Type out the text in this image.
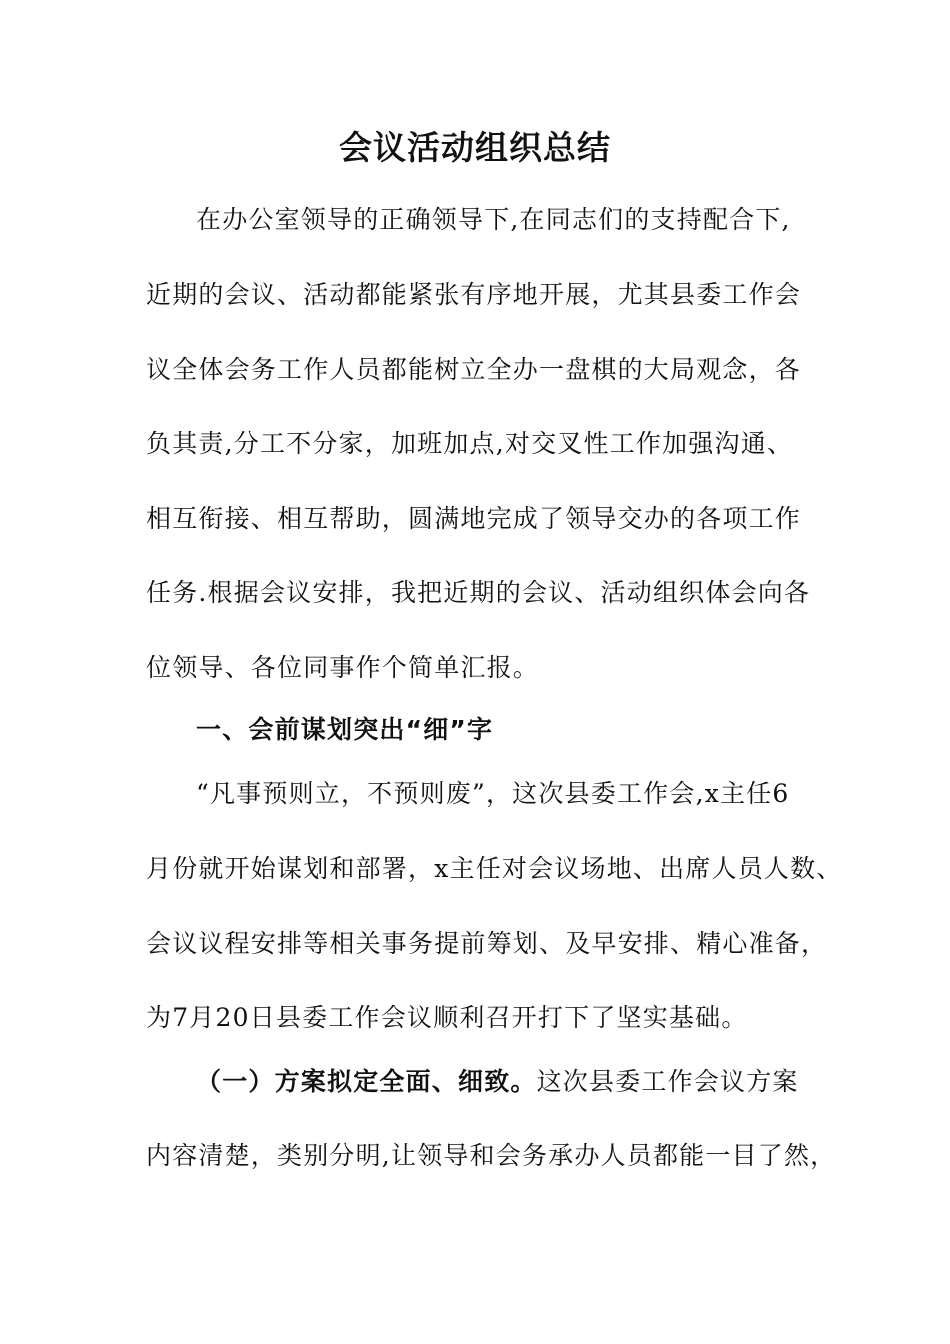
会议活动组织总结
在办公室领导的正确领导下,在同志们的支持配合下,
近期的会议、活动都能紧张有序地开展，尤其县委工作会
议全体会务工作人员都能树立全办一盘棋的大局观念，各
负其责,分工不分家，加班加点,对交叉性工作加强沟通、
相互衔接、相互帮助，圆满地完成了领导交办的各项工作
任务.根据会议安排，我把近期的会议、活动组织体会向各
位领导、各位同事作个简单汇报。
一、会前谋划突出“细”字
“凡事预则立，不预则废”，这次县委工作会,x主任6
月份就开始谋划和部署，x主任对会议场地、出席人员人数、
会议议程安排等相关事务提前筹划、及早安排、精心准备，
为7月20日县委工作会议顺利召开打下了坚实基础。
（一）方案拟定全面、细致。这次县委工作会议方案
内容清楚，类别分明,让领导和会务承办人员都能一目了然，
